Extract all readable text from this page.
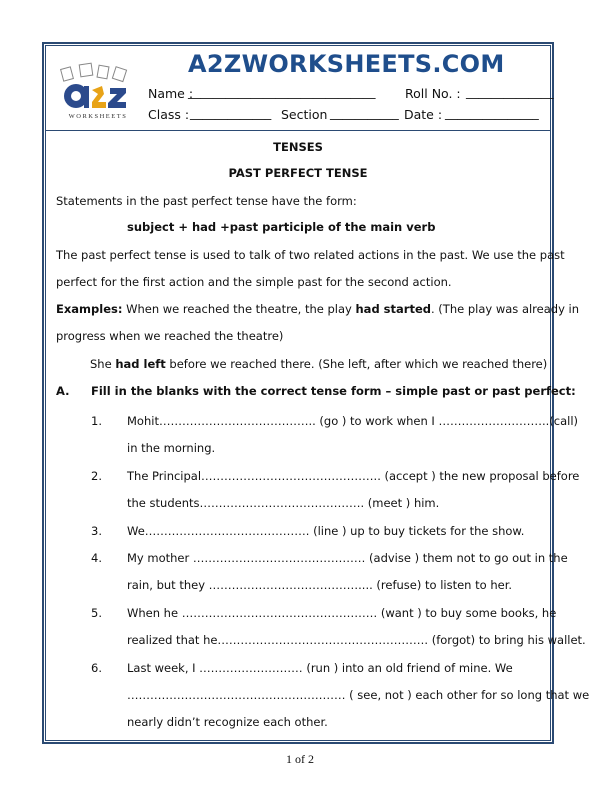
WORKSHEETS
A2ZWORKSHEETS.COM
Name :
______________________________ Roll No. : ______________
Class : _____________ Section ___________ Date : _______________
TENSES
PAST PERFECT TENSE
Statements in the past perfect tense have the form:
subject + had +past participle of the main verb
The past perfect tense is used to talk of two related actions in the past. We use the past
perfect for the first action and the simple past for the second action.
Examples: When we reached the theatre, the play had started. (The play was already in
progress when we reached the theatre)
She had left before we reached there. (She left, after which we reached there)
A. Fill in the blanks with the correct tense form – simple past or past perfect:
1. Mohit………………………………….. (go ) to work when I ………………………..(call)
in the morning.
2. The Principal……………………………………….. (accept ) the new proposal before
the students……………………………………. (meet ) him.
3. We……………………………………. (line ) up to buy tickets for the show.
4. My mother ……………………………………… (advise ) them not to go out in the
rain, but they ………………………………….... (refuse) to listen to her.
5. When he …………………………………………… (want ) to buy some books, he
realized that he………………………………………………. (forgot) to bring his wallet.
6. Last week, I ……………………… (run ) into an old friend of mine. We
………………………………………………… ( see, not ) each other for so long that we
nearly didn’t recognize each other.
1 of 2
